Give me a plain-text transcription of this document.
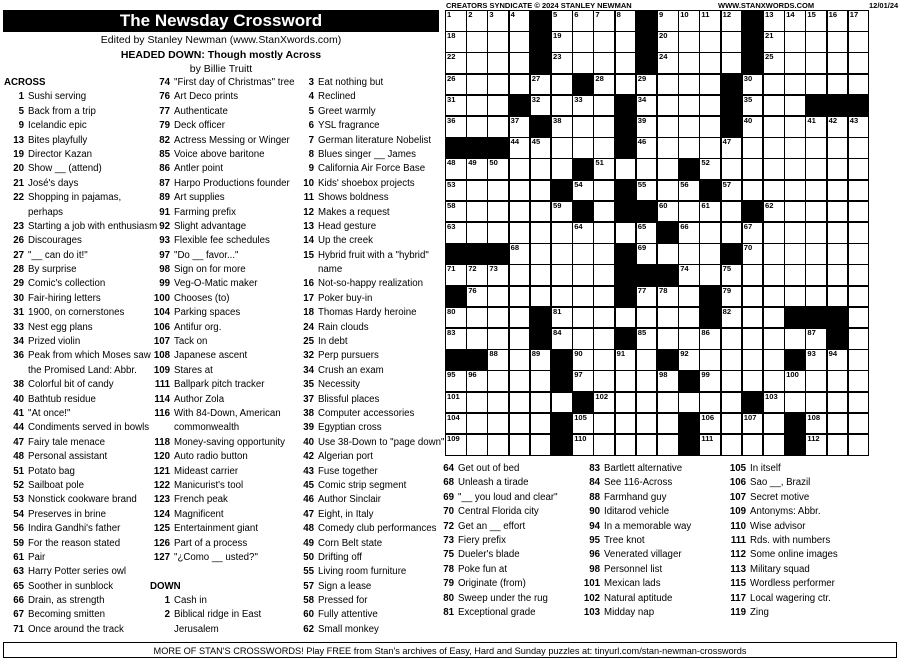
CREATORS SYNDICATE © 2024 STANLEY NEWMAN	WWW.STANXWORDS.COM	12/01/24
The Newsday Crossword
Edited by Stanley Newman (www.StanXwords.com)
HEADED DOWN: Though mostly Across
by Billie Truitt
ACROSS
1 Sushi serving
5 Back from a trip
9 Icelandic epic
13 Bites playfully
19 Director Kazan
20 Show __ (attend)
21 José's days
22 Shopping in pajamas,
perhaps
23 Starting a job with enthusiasm
26 Discourages
27 "__ can do it!"
28 By surprise
29 Comic's collection
30 Fair-hiring letters
31 1900, on cornerstones
33 Nest egg plans
34 Prized violin
36 Peak from which Moses saw
the Promised Land: Abbr.
38 Colorful bit of candy
40 Bathtub residue
41 "At once!"
44 Condiments served in bowls
47 Fairy tale menace
48 Personal assistant
51 Potato bag
52 Sailboat pole
53 Nonstick cookware brand
54 Preserves in brine
56 Indira Gandhi's father
59 For the reason stated
61 Pair
63 Harry Potter series owl
65 Soother in sunblock
66 Drain, as strength
67 Becoming smitten
71 Once around the track
74 "First day of Christmas" tree
76 Art Deco prints
77 Authenticate
79 Deck officer
82 Actress Messing or Winger
85 Voice above baritone
86 Antler point
87 Harpo Productions founder
89 Art supplies
91 Farming prefix
92 Slight advantage
93 Flexible fee schedules
97 "Do __ favor..."
98 Sign on for more
99 Veg-O-Matic maker
100 Chooses (to)
104 Parking spaces
106 Antifur org.
107 Tack on
108 Japanese ascent
109 Stares at
111 Ballpark pitch tracker
114 Author Zola
116 With 84-Down, American
commonwealth
118 Money-saving opportunity
120 Auto radio button
121 Mideast carrier
122 Manicurist's tool
123 French peak
124 Magnificent
125 Entertainment giant
126 Part of a process
127 "¿Como __ usted?"
DOWN
1 Cash in
2 Biblical ridge in East
Jerusalem
3 Eat nothing but
4 Reclined
5 Greet warmly
6 YSL fragrance
7 German literature Nobelist
8 Blues singer __ James
9 California Air Force Base
10 Kids' shoebox projects
11 Shows boldness
12 Makes a request
13 Head gesture
14 Up the creek
15 Hybrid fruit with a "hybrid"
name
16 Not-so-happy realization
17 Poker buy-in
18 Thomas Hardy heroine
24 Rain clouds
25 In debt
32 Perp pursuers
34 Crush an exam
35 Necessity
37 Blissful places
38 Computer accessories
39 Egyptian cross
40 Use 38-Down to "page down"
42 Algerian port
43 Fuse together
45 Comic strip segment
46 Author Sinclair
47 Eight, in Italy
48 Comedy club performances
49 Corn Belt state
50 Drifting off
55 Living room furniture
57 Sign a lease
58 Pressed for
60 Fully attentive
62 Small monkey
64 Get out of bed
68 Unleash a tirade
69 "__ you loud and clear"
70 Central Florida city
72 Get an __ effort
73 Fiery prefix
75 Dueler's blade
78 Poke fun at
79 Originate (from)
80 Sweep under the rug
81 Exceptional grade
83 Bartlett alternative
84 See 116-Across
88 Farmhand guy
90 Iditarod vehicle
94 In a memorable way
95 Tree knot
96 Venerated villager
98 Personnel list
101 Mexican lads
102 Natural aptitude
103 Midday nap
105 In itself
106 Sao __, Brazil
107 Secret motive
109 Antonyms: Abbr.
110 Wise advisor
111 Rds. with numbers
112 Some online images
113 Military squad
115 Wordless performer
117 Local wagering ctr.
119 Zing
1 2 3 4	5 6 7 8	9 10 11 12	13 14 15 16 17
18	19	20	21
22	23	24	25
26	27	28	29	30
31	32	33	34	35
36	37	38	39	40	41 42 43
44 45	46	47
48 49 50	51	52
53	54	55	56	57
58	59	60	61	62
63	64	65	66	67
68	69	70
71 72 73	74	75
76	77 78	79
80	81	82
83	84	85	86	87
88	89	90	91	92	93 94
95 96	97	98	99	100
101	102	103
104	105	106	107	108
109	110	111	112
MORE OF STAN'S CROSSWORDS! Play FREE from Stan's archives of Easy, Hard and Sunday puzzles at: tinyurl.com/stan-newman-crosswords
